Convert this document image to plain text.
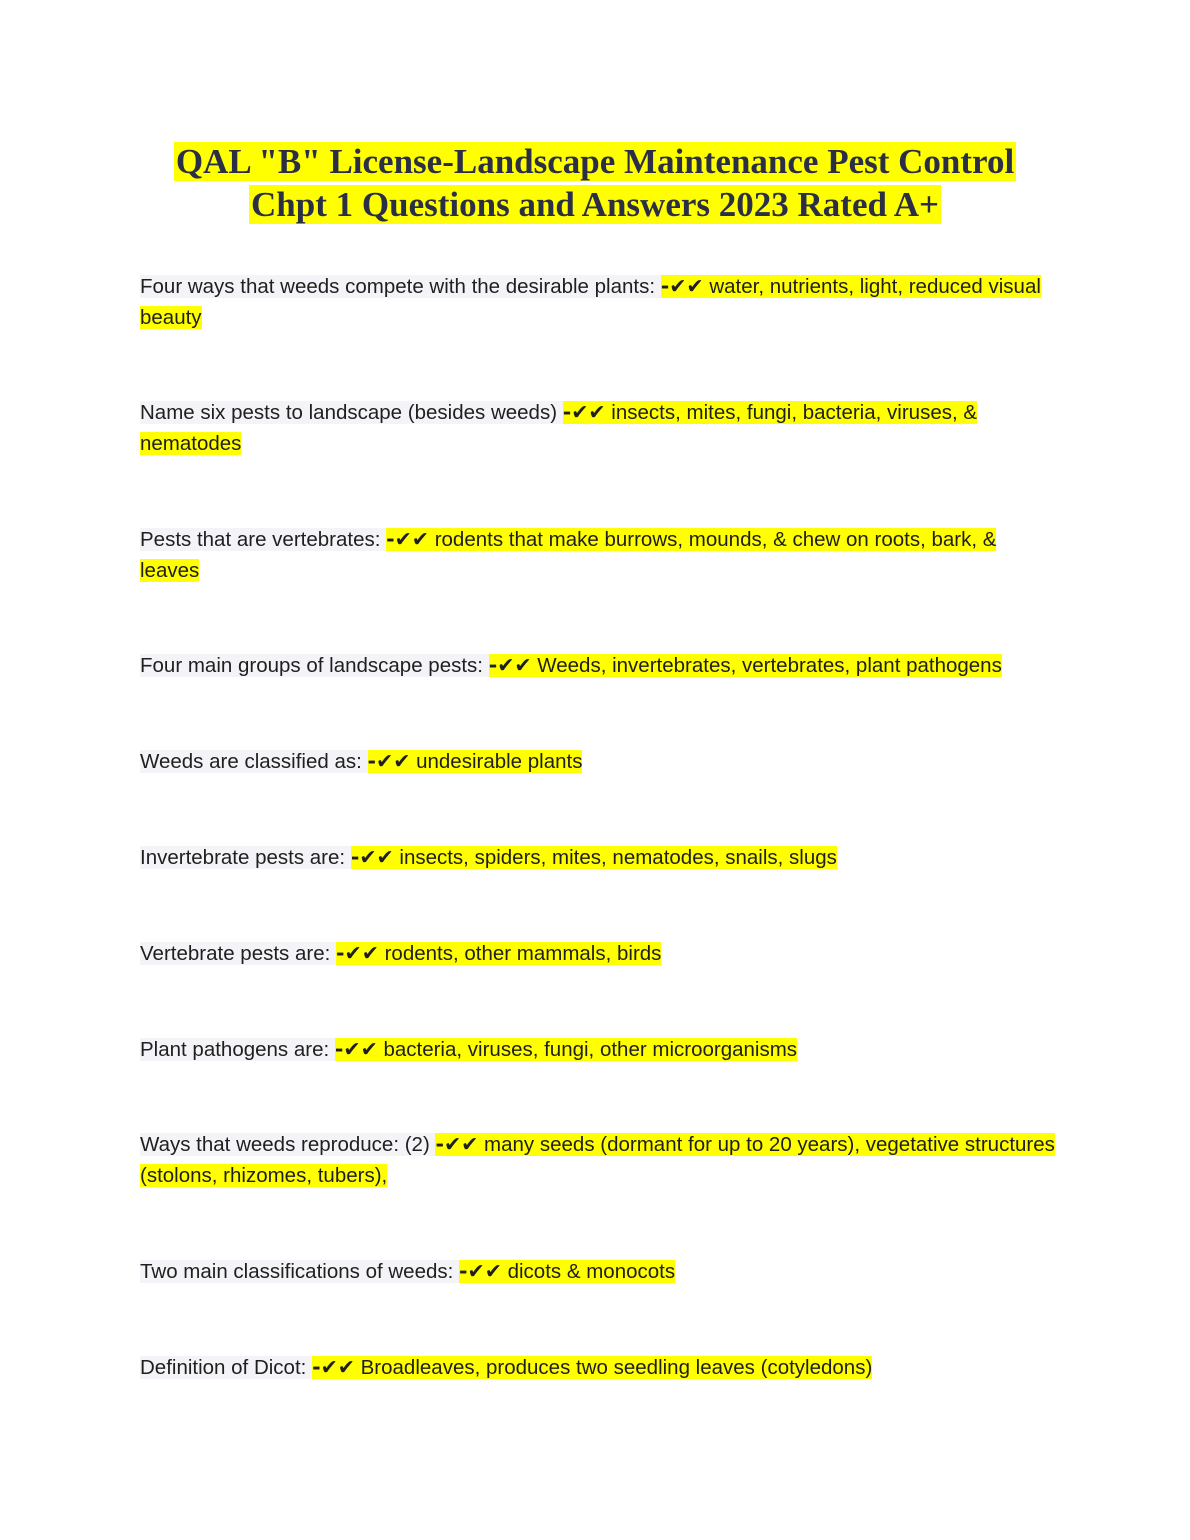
QAL "B" License-Landscape Maintenance Pest Control
Chpt 1 Questions and Answers 2023 Rated A+
Four ways that weeds compete with the desirable plants: -✔✔ water, nutrients, light, reduced visual beauty
Name six pests to landscape (besides weeds) -✔✔ insects, mites, fungi, bacteria, viruses, & nematodes
Pests that are vertebrates: -✔✔ rodents that make burrows, mounds, & chew on roots, bark, & leaves
Four main groups of landscape pests: -✔✔ Weeds, invertebrates, vertebrates, plant pathogens
Weeds are classified as: -✔✔ undesirable plants
Invertebrate pests are: -✔✔ insects, spiders, mites, nematodes, snails, slugs
Vertebrate pests are: -✔✔ rodents, other mammals, birds
Plant pathogens are: -✔✔ bacteria, viruses, fungi, other microorganisms
Ways that weeds reproduce: (2) -✔✔ many seeds (dormant for up to 20 years), vegetative structures (stolons, rhizomes, tubers),
Two main classifications of weeds: -✔✔ dicots & monocots
Definition of Dicot: -✔✔ Broadleaves, produces two seedling leaves (cotyledons)
